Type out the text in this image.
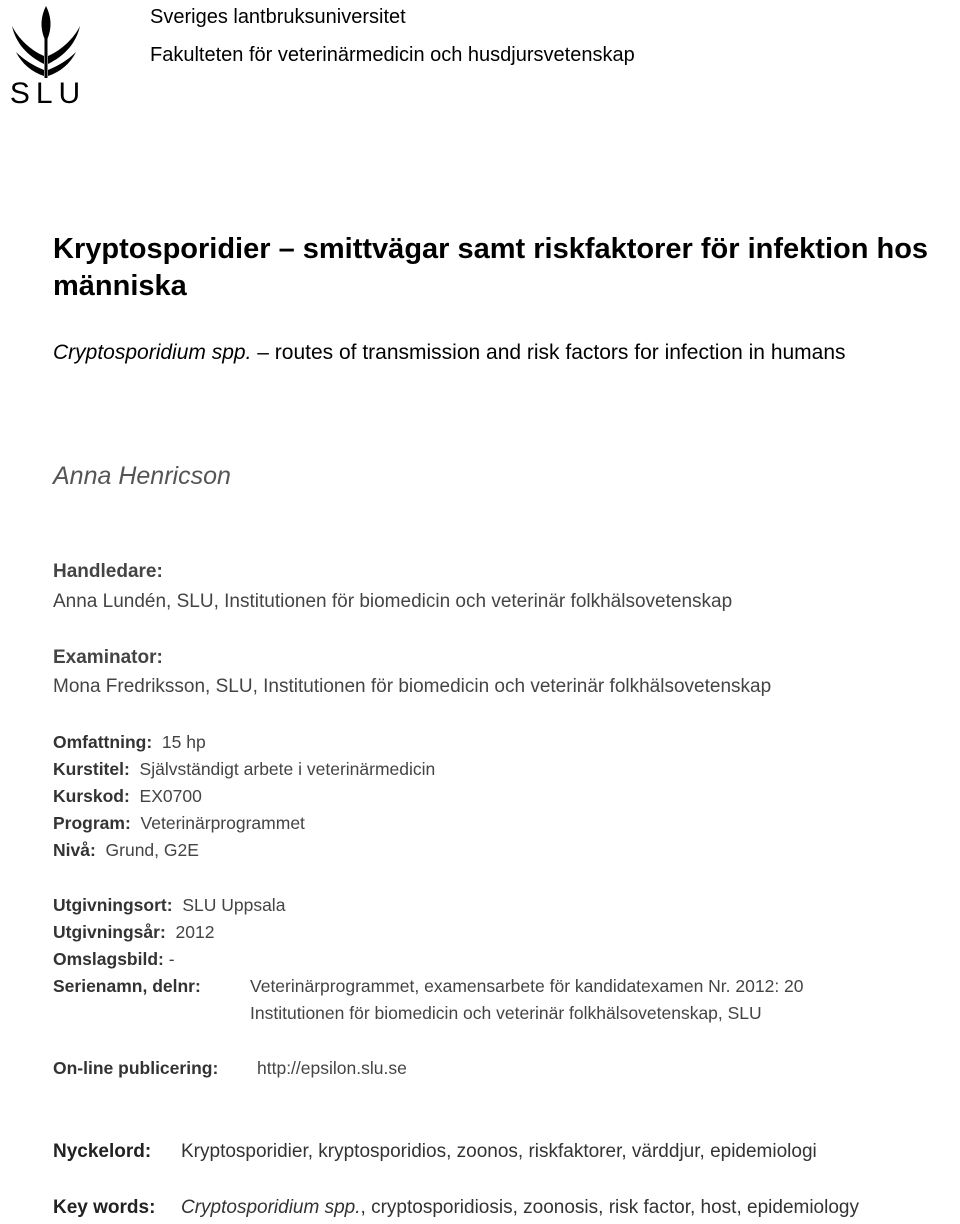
SLU
Sveriges lantbruksuniversitet
Fakulteten för veterinärmedicin och husdjursvetenskap
Kryptosporidier – smittvägar samt riskfaktorer för infektion hos
människa
Cryptosporidium spp. – routes of transmission and risk factors for infection in humans
Anna Henricson
Handledare:
Anna Lundén, SLU, Institutionen för biomedicin och veterinär folkhälsovetenskap
Examinator:
Mona Fredriksson, SLU, Institutionen för biomedicin och veterinär folkhälsovetenskap
Omfattning: 15 hp
Kurstitel: Självständigt arbete i veterinärmedicin
Kurskod: EX0700
Program: Veterinärprogrammet
Nivå: Grund, G2E
Utgivningsort: SLU Uppsala
Utgivningsår: 2012
Omslagsbild: -
Serienamn, delnr:	Veterinärprogrammet, examensarbete för kandidatexamen Nr. 2012: 20
Institutionen för biomedicin och veterinär folkhälsovetenskap, SLU
On-line publicering: http://epsilon.slu.se
Nyckelord: Kryptosporidier, kryptosporidios, zoonos, riskfaktorer, värddjur, epidemiologi
Key words: Cryptosporidium spp., cryptosporidiosis, zoonosis, risk factor, host, epidemiology
